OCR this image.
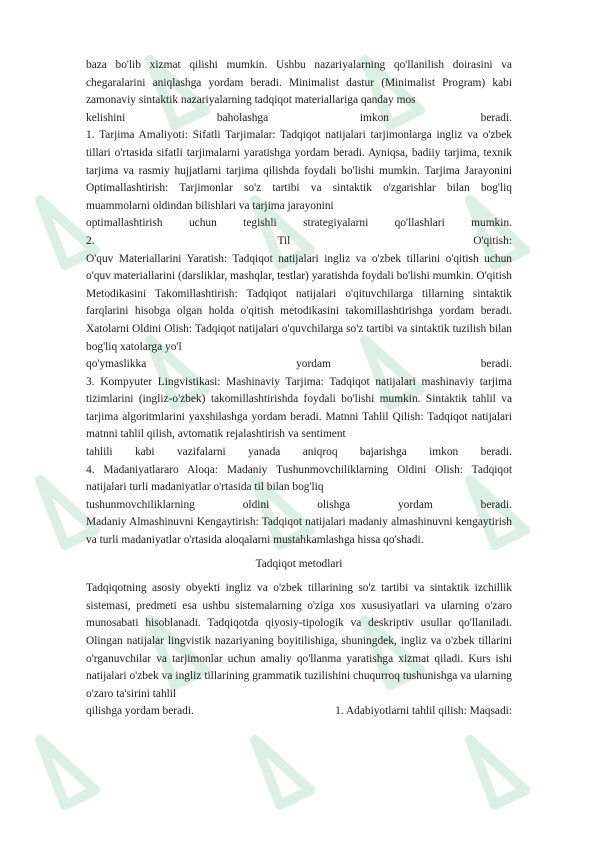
baza bo'lib xizmat qilishi mumkin. Ushbu nazariyalarning qo'llanilish doirasini va chegaralarini aniqlashga yordam beradi. Minimalist dastur (Minimalist Program) kabi zamonaviy sintaktik nazariyalarning tadqiqot materiallariga qanday mos

kelishini	baholashga	imkon	beradi.

1. Tarjima Amaliyoti: Sifatli Tarjimalar: Tadqiqot natijalari tarjimonlarga ingliz va o'zbek tillari o'rtasida sifatli tarjimalarni yaratishga yordam beradi. Ayniqsa, badiiy tarjima, texnik tarjima va rasmiy hujjatlarni tarjima qilishda foydali bo'lishi mumkin. Tarjima Jarayonini Optimallashtirish: Tarjimonlar so'z tartibi va sintaktik o'zgarishlar bilan bog'liq muammolarni oldindan bilishlari va tarjima jarayonini

optimallashtirish uchun tegishli strategiyalarni qo'llashlari mumkin.
2.	Til	O'qitish:

O'quv Materiallarini Yaratish: Tadqiqot natijalari ingliz va o'zbek tillarini o'qitish uchun o'quv materiallarini (darsliklar, mashqlar, testlar) yaratishda foydali bo'lishi mumkin. O'qitish Metodikasini Takomillashtirish: Tadqiqot natijalari o'qituvchilarga tillarning sintaktik farqlarini hisobga olgan holda o'qitish metodikasini takomillashtirishga yordam beradi. Xatolarni Oldini Olish: Tadqiqot natijalari o'quvchilarga so'z tartibi va sintaktik tuzilish bilan bog'liq xatolarga yo'l

qo'ymaslikka	yordam	beradi.

3. Kompyuter Lingvistikasi: Mashinaviy Tarjima: Tadqiqot natijalari mashinaviy tarjima tizimlarini (ingliz-o'zbek) takomillashtirishda foydali bo'lishi mumkin. Sintaktik tahlil va tarjima algoritmlarini yaxshilashga yordam beradi. Matnni Tahlil Qilish: Tadqiqot natijalari matnni tahlil qilish, avtomatik rejalashtirish va sentiment

tahlili kabi vazifalarni yanada aniqroq bajarishga imkon beradi.

4. Madaniyatlararo Aloqa: Madaniy Tushunmovchiliklarning Oldini Olish: Tadqiqot natijalari turli madaniyatlar o'rtasida til bilan bog'liq

tushunmovchiliklarning	oldini	olishga	yordam	beradi.

Madaniy Almashinuvni Kengaytirish: Tadqiqot natijalari madaniy almashinuvni kengaytirish va turli madaniyatlar o'rtasida aloqalarni mustahkamlashga hissa qo'shadi.

Tadqiqot metodlari

Tadqiqotning asosiy obyekti ingliz va o'zbek tillarining so'z tartibi va sintaktik izchillik sistemasi, predmeti esa ushbu sistemalarning o'ziga xos xususiyatlari va ularning o'zaro munosabati hisoblanadi. Tadqiqotda qiyosiy-tipologik va deskriptiv usullar qo'llaniladi. Olingan natijalar lingvistik nazariyaning boyitilishiga, shuningdek, ingliz va o'zbek tillarini o'rganuvchilar va tarjimonlar uchun amaliy qo'llanma yaratishga xizmat qiladi. Kurs ishi natijalari o'zbek va ingliz tillarining grammatik tuzilishini chuqurroq tushunishga va ularning o'zaro ta'sirini tahlil

qilishga yordam beradi.	1. Adabiyotlarni tahlil qilish: Maqsadi:
